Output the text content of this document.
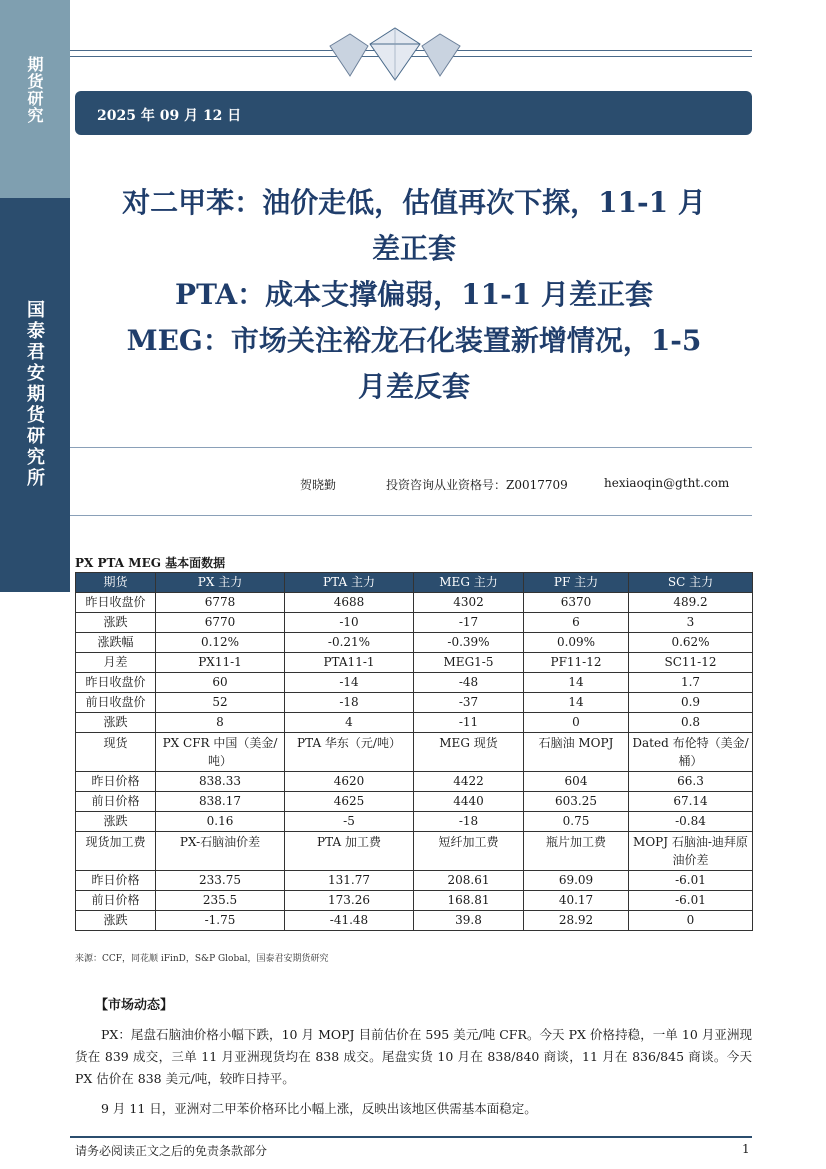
期货研究
国泰君安期货研究所
2025 年 09 月 12 日
对二甲苯：油价走低，估值再次下探，11-1 月
差正套
PTA：成本支撑偏弱，11-1 月差正套
MEG：市场关注裕龙石化装置新增情况，1-5
月差反套
贺晓勤	投资咨询从业资格号：Z0017709	hexiaoqin@gtht.com
PX PTA MEG 基本面数据
期货	PX 主力	PTA 主力	MEG 主力	PF 主力	SC 主力
昨日收盘价	6778	4688	4302	6370	489.2
涨跌	6770	-10	-17	6	3
涨跌幅	0.12%	-0.21%	-0.39%	0.09%	0.62%
月差	PX11-1	PTA11-1	MEG1-5	PF11-12	SC11-12
昨日收盘价	60	-14	-48	14	1.7
前日收盘价	52	-18	-37	14	0.9
涨跌	8	4	-11	0	0.8
现货	PX CFR 中国（美金/吨）	PTA 华东（元/吨）	MEG 现货	石脑油 MOPJ	Dated 布伦特（美金/桶）
昨日价格	838.33	4620	4422	604	66.3
前日价格	838.17	4625	4440	603.25	67.14
涨跌	0.16	-5	-18	0.75	-0.84
现货加工费	PX-石脑油价差	PTA 加工费	短纤加工费	瓶片加工费	MOPJ 石脑油-迪拜原油价差
昨日价格	233.75	131.77	208.61	69.09	-6.01
前日价格	235.5	173.26	168.81	40.17	-6.01
涨跌	-1.75	-41.48	39.8	28.92	0
来源：CCF，同花顺 iFinD，S&P Global，国泰君安期货研究
【市场动态】
PX：尾盘石脑油价格小幅下跌，10 月 MOPJ 目前估价在 595 美元/吨 CFR。今天 PX 价格持稳，一单 10 月亚洲现货在 839 成交，三单 11 月亚洲现货均在 838 成交。尾盘实货 10 月在 838/840 商谈，11 月在 836/845 商谈。今天 PX 估价在 838 美元/吨，较昨日持平。
9 月 11 日，亚洲对二甲苯价格环比小幅上涨，反映出该地区供需基本面稳定。
请务必阅读正文之后的免责条款部分	1
